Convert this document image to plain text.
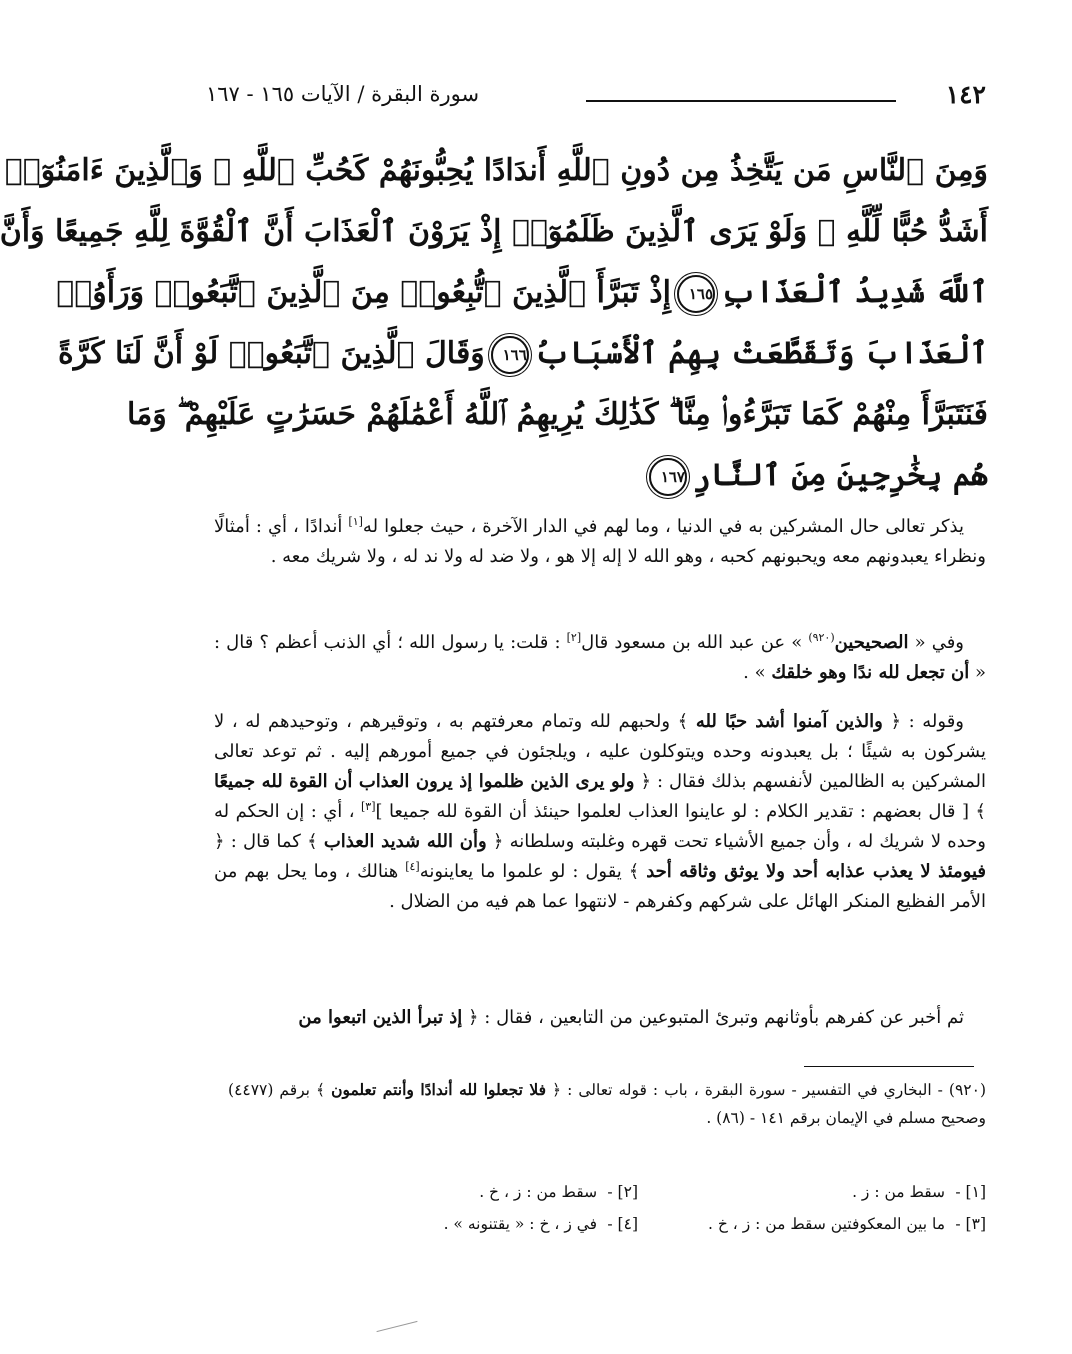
١٤٢
سورة البقرة / الآيات ١٦٥ - ١٦٧
وَمِنَ ٱلنَّاسِ مَن يَتَّخِذُ مِن دُونِ ٱللَّهِ أَندَادًا يُحِبُّونَهُمْ كَحُبِّ ٱللَّهِ ۖ وَٱلَّذِينَ ءَامَنُوٓا۟
أَشَدُّ حُبًّا لِّلَّهِ ۗ وَلَوْ يَرَى ٱلَّذِينَ ظَلَمُوٓا۟ إِذْ يَرَوْنَ ٱلْعَذَابَ أَنَّ ٱلْقُوَّةَ لِلَّهِ جَمِيعًا وَأَنَّ
ٱللَّهَ شَدِيدُ ٱلْعَذَابِ١٦٥إِذْ تَبَرَّأَ ٱلَّذِينَ ٱتُّبِعُوا۟ مِنَ ٱلَّذِينَ ٱتَّبَعُوا۟ وَرَأَوُا۟
ٱلْعَذَابَ وَتَقَطَّعَتْ بِهِمُ ٱلْأَسْبَابُ١٦٦وَقَالَ ٱلَّذِينَ ٱتَّبَعُوا۟ لَوْ أَنَّ لَنَا كَرَّةً
فَنَتَبَرَّأَ مِنْهُمْ كَمَا تَبَرَّءُوا۟ مِنَّا ۗ كَذَٰلِكَ يُرِيهِمُ ٱللَّهُ أَعْمَٰلَهُمْ حَسَرَٰتٍ عَلَيْهِمْ ۖ وَمَا
هُم بِخَٰرِجِينَ مِنَ ٱلنَّارِ١٦٧

يذكر تعالى حال المشركين به في الدنيا ، وما لهم في الدار الآخرة ، حيث جعلوا له[١] أندادًا ، أي : أمثالًا ونظراء يعبدونهم معه ويحبونهم كحبه ، وهو الله لا إله إلا هو ، ولا ضد له ولا ند له ، ولا شريك معه .

وفي « الصحيحين$^{(٩٢٠)}$ » عن عبد الله بن مسعود قال[٢] : قلت: يا رسول الله ؛ أي الذنب أعظم ؟ قال : « أن تجعل لله ندًا وهو خلقك » .

وقوله : ﴿ والذين آمنوا أشد حبًا لله ﴾ ولحبهم لله وتمام معرفتهم به ، وتوقيرهم ، وتوحيدهم له ، لا يشركون به شيئًا ؛ بل يعبدونه وحده ويتوكلون عليه ، ويلجئون في جميع أمورهم إليه . ثم توعد تعالى المشركين به الظالمين لأنفسهم بذلك فقال : ﴿ ولو يرى الذين ظلموا إذ يرون العذاب أن القوة لله جميعًا ﴾ [ قال بعضهم : تقدير الكلام : لو عاينوا العذاب لعلموا حينئذ أن القوة لله جميعا ][٣] ، أي : إن الحكم له وحده لا شريك له ، وأن جميع الأشياء تحت قهره وغلبته وسلطانه ﴿ وأن الله شديد العذاب ﴾ كما قال : ﴿ فيومئذ لا يعذب عذابه أحد ولا يوثق وثاقه أحد ﴾ يقول : لو علموا ما يعاينونه[٤] هنالك ، وما يحل بهم من الأمر الفظيع المنكر الهائل على شركهم وكفرهم - لانتهوا عما هم فيه من الضلال .

ثم أخبر عن كفرهم بأوثانهم وتبرئ المتبوعين من التابعين ، فقال : ﴿ إذ تبرأ الذين اتبعوا من

(٩٢٠) - البخاري في التفسير - سورة البقرة ، باب : قوله تعالى : ﴿ فلا تجعلوا لله أندادًا وأنتم تعلمون ﴾ برقم (٤٤٧٧) وصحيح مسلم في الإيمان برقم ١٤١ - (٨٦) .

[١] - سقط من : ز .
[٢] - سقط من : ز ، خ .
[٣] - ما بين المعكوفتين سقط من : ز ، خ .
[٤] - في ز ، خ : « يقتنونه » .
